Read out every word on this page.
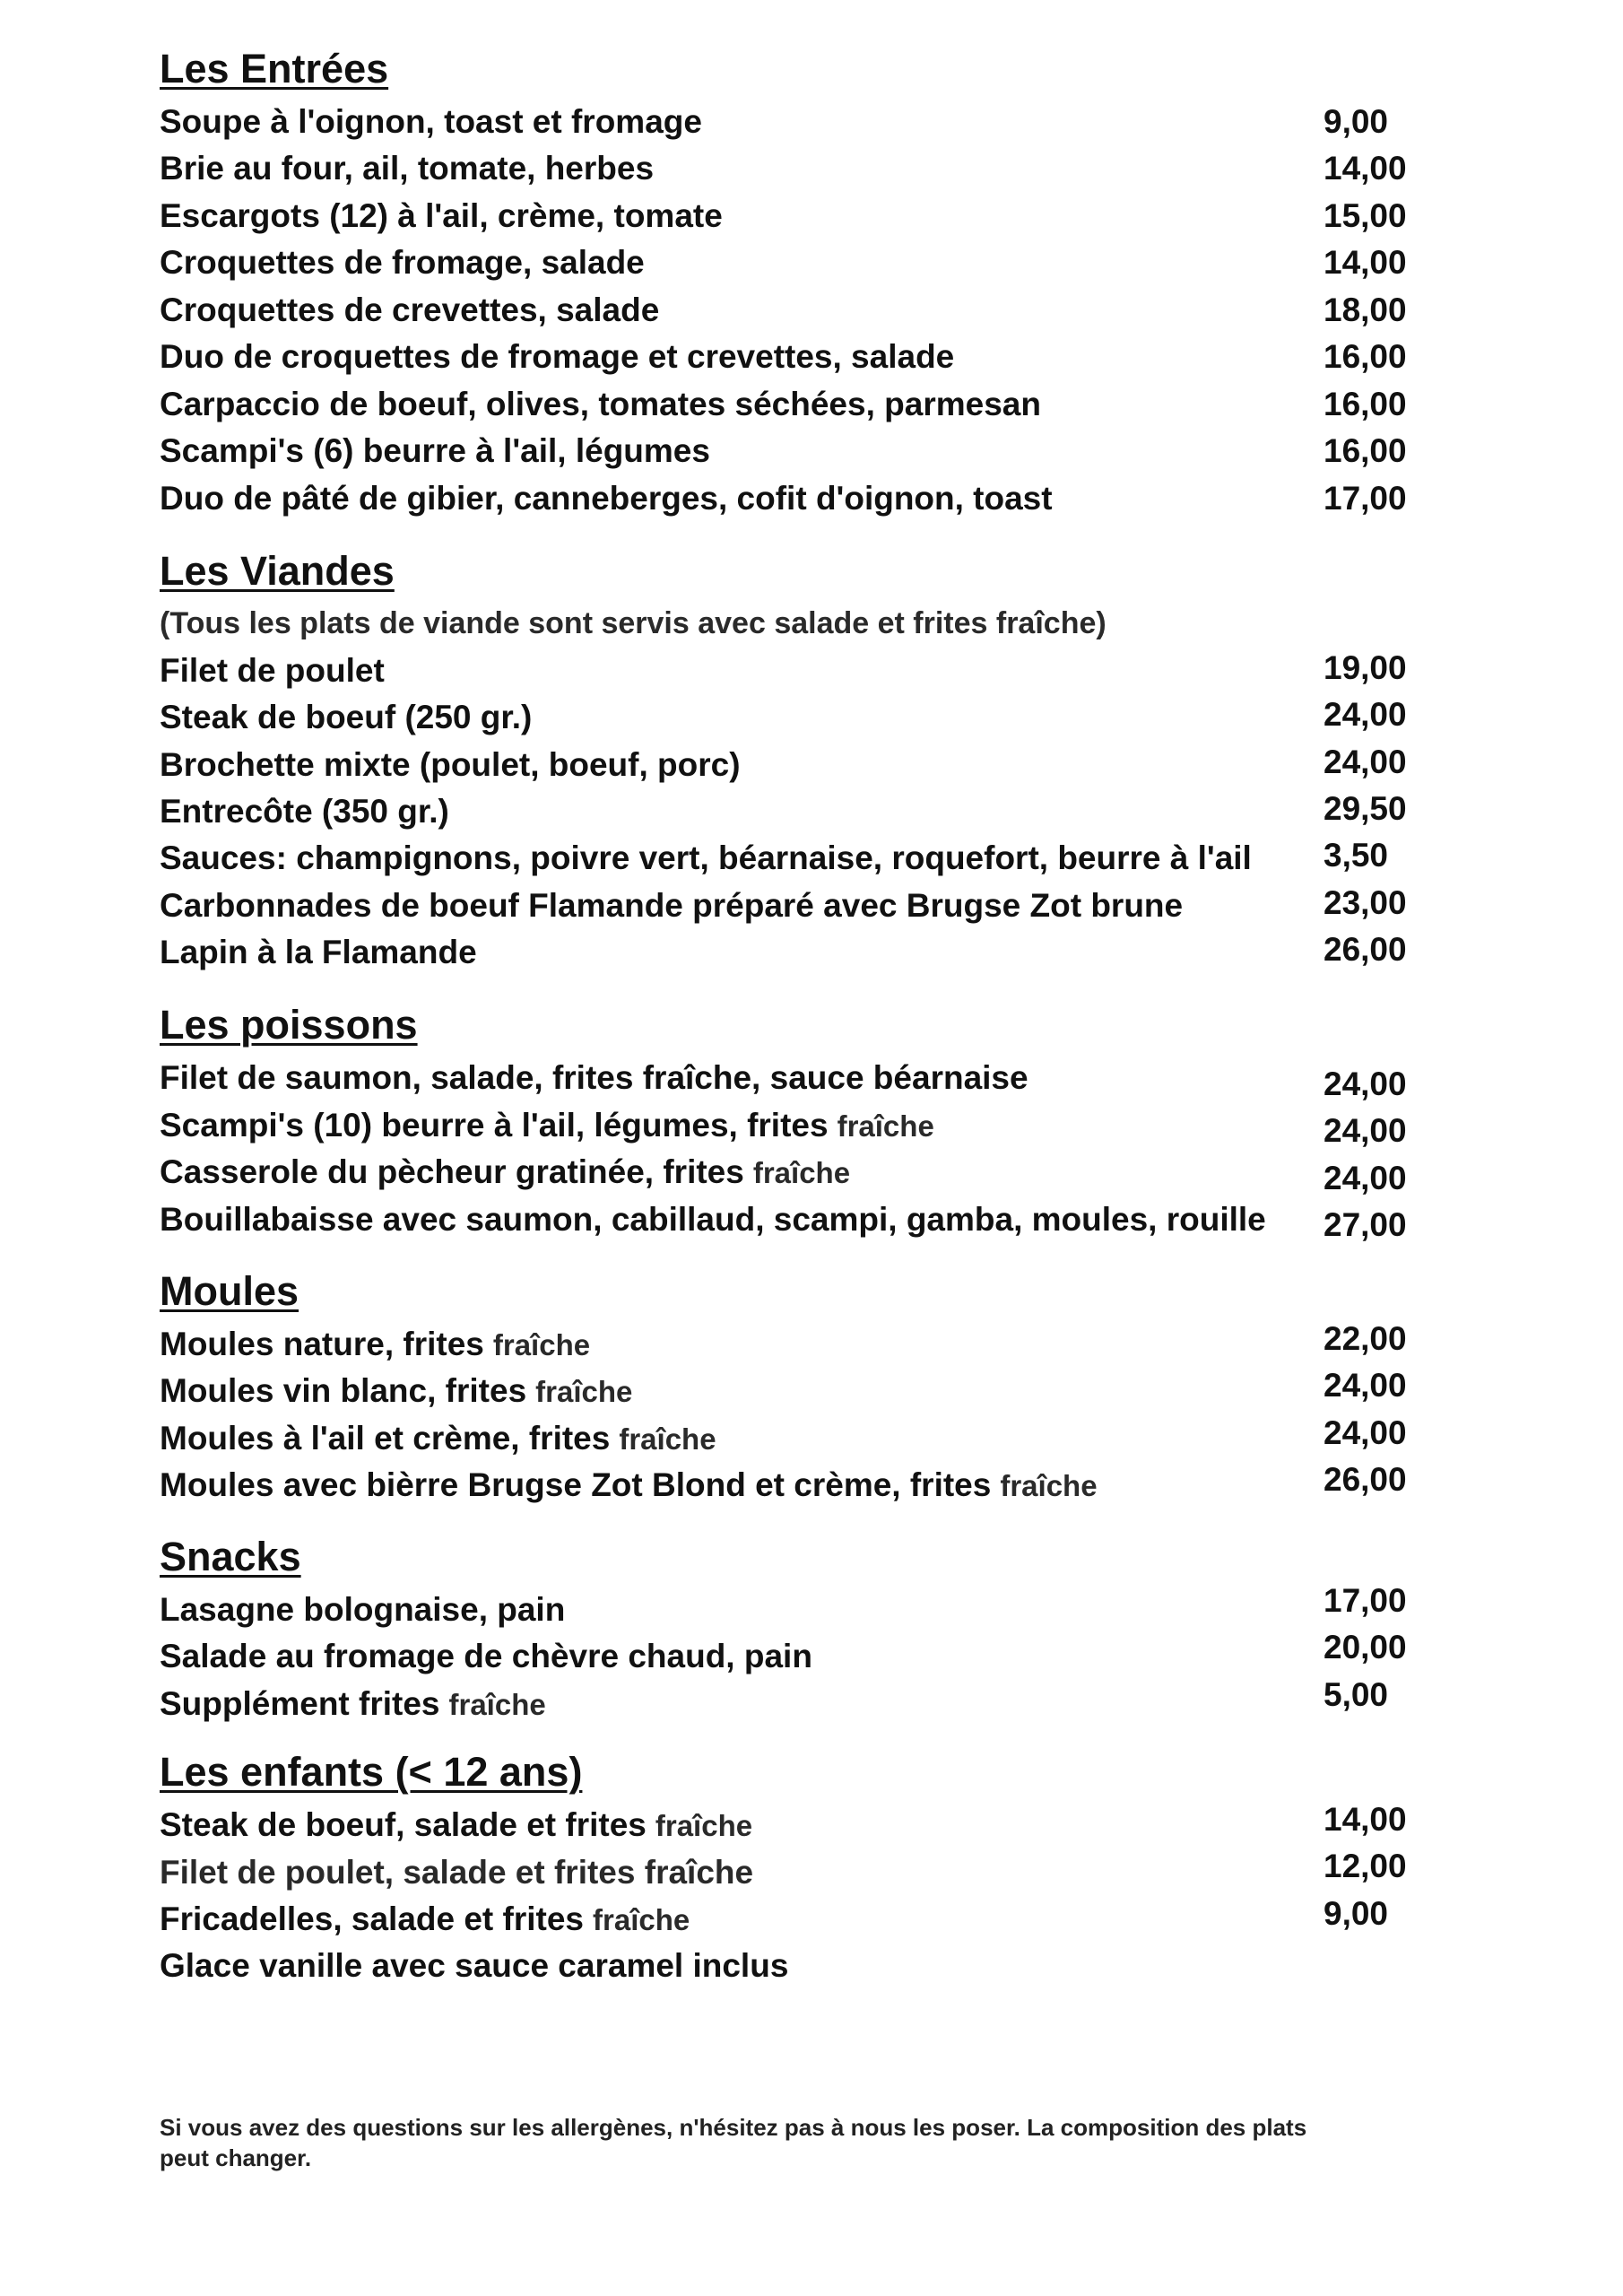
Les Entrées
Soupe à l'oignon, toast et fromage	9,00
Brie au four, ail, tomate, herbes	14,00
Escargots (12) à l'ail, crème, tomate	15,00
Croquettes de fromage, salade	14,00
Croquettes de crevettes, salade	18,00
Duo de croquettes de fromage et crevettes, salade	16,00
Carpaccio de boeuf, olives, tomates séchées, parmesan	16,00
Scampi's (6) beurre à l'ail, légumes	16,00
Duo de pâté de gibier, canneberges, cofit d'oignon, toast	17,00
Les Viandes
(Tous les plats de viande sont servis avec salade et frites fraîche)
Filet de poulet	19,00
Steak de boeuf (250 gr.)	24,00
Brochette mixte (poulet, boeuf, porc)	24,00
Entrecôte (350 gr.)	29,50
Sauces: champignons, poivre vert, béarnaise, roquefort, beurre à l'ail 3,50
Carbonnades de boeuf Flamande préparé avec Brugse Zot brune	23,00
Lapin à la Flamande	26,00
Les poissons
Filet de saumon, salade, frites fraîche, sauce béarnaise	24,00
Scampi's (10) beurre à l'ail, légumes, frites fraîche	24,00
Casserole du pècheur gratinée, frites fraîche	24,00
Bouillabaisse avec saumon, cabillaud, scampi, gamba, moules, rouille 27,00
Moules
Moules nature, frites fraîche	22,00
Moules vin blanc, frites fraîche	24,00
Moules à l'ail et crème, frites fraîche	24,00
Moules avec bièrre Brugse Zot Blond et crème, frites fraîche	26,00
Snacks
Lasagne bolognaise, pain	17,00
Salade au fromage de chèvre chaud, pain	20,00
Supplément frites fraîche	5,00
Les enfants (< 12 ans)
Steak de boeuf, salade et frites fraîche	14,00
Filet de poulet, salade et frites fraîche	12,00
Fricadelles, salade et frites fraîche	9,00
Glace vanille avec sauce caramel inclus
Si vous avez des questions sur les allergènes, n'hésitez pas à nous les poser. La composition des plats peut changer.
